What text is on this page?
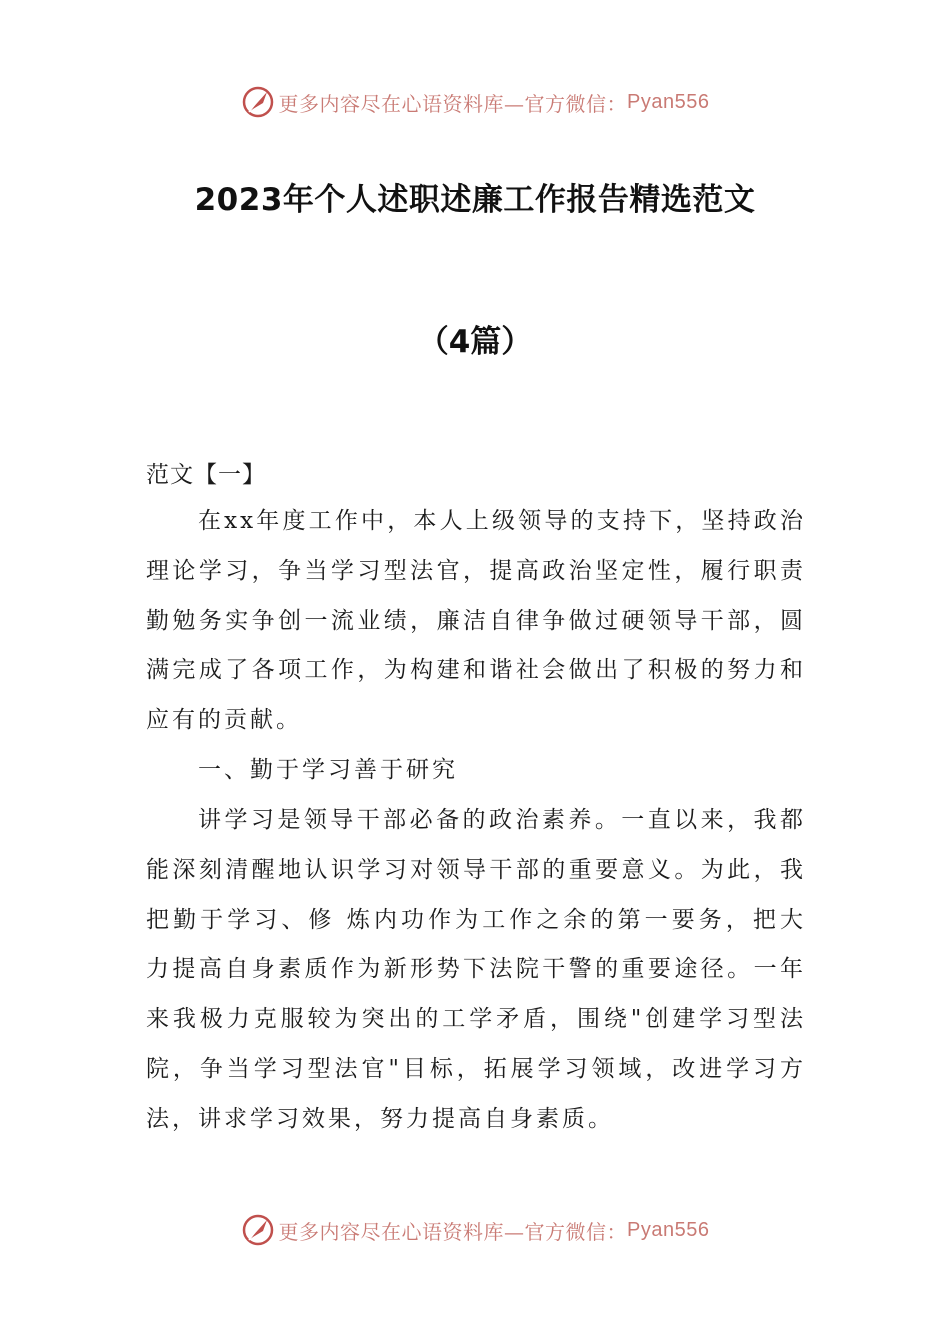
更多内容尽在心语资料库—官方微信： Pyan556
2023年个人述职述廉工作报告精选范文
（4篇）
范文【一】

在xx年度工作中，本人上级领导的支持下，坚持政治理论学习，争当学习型法官，提高政治坚定性，履行职责勤勉务实争创一流业绩，廉洁自律争做过硬领导干部，圆满完成了各项工作，为构建和谐社会做出了积极的努力和应有的贡献。

一、勤于学习善于研究

讲学习是领导干部必备的政治素养。一直以来，我都能深刻清醒地认识学习对领导干部的重要意义。为此，我把勤于学习、修 炼内功作为工作之余的第一要务，把大力提高自身素质作为新形势下法院干警的重要途径。一年来我极力克服较为突出的工学矛盾，围绕"创建学习型法院，争当学习型法官"目标，拓展学习领域，改进学习方法，讲求学习效果，努力提高自身素质。

更多内容尽在心语资料库—官方微信： Pyan556
